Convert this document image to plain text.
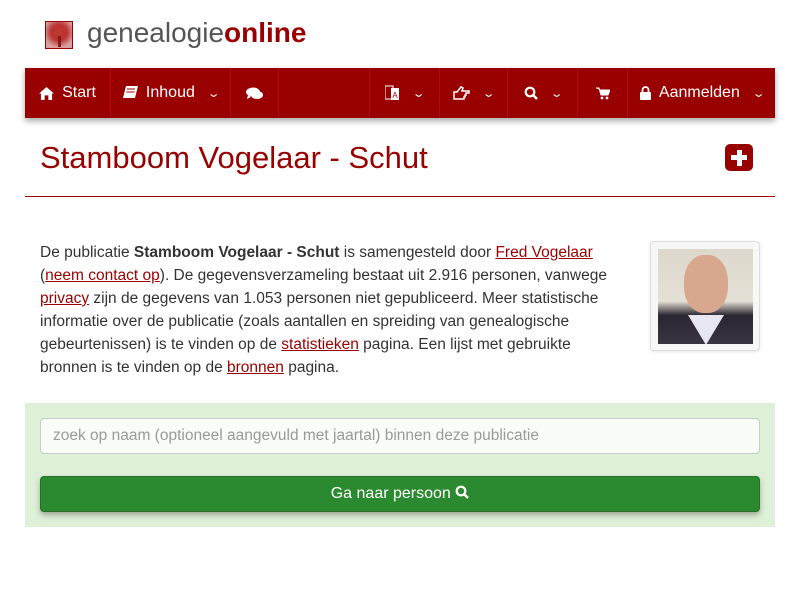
genealogieonline
Start	Inhoud ⌄	A ⌄	⌄	⌄	Aanmelden ⌄
Stamboom Vogelaar - Schut

De publicatie Stamboom Vogelaar - Schut is samengesteld door Fred Vogelaar (neem contact op). De gegevensverzameling bestaat uit 2.916 personen, vanwege privacy zijn de gegevens van 1.053 personen niet gepubliceerd. Meer statistische informatie over de publicatie (zoals aantallen en spreiding van genealogische gebeurtenissen) is te vinden op de statistieken pagina. Een lijst met gebruikte bronnen is te vinden op de bronnen pagina.

zoek op naam (optioneel aangevuld met jaartal) binnen deze publicatie
Ga naar persoon
